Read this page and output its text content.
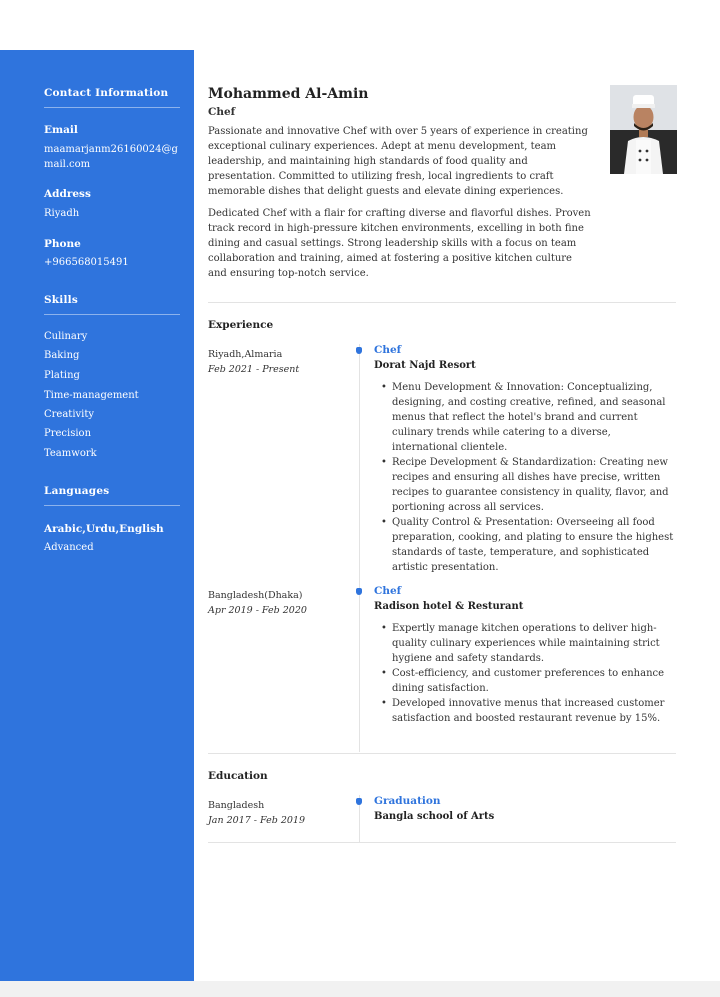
Contact Information
Email
maamarjanm26160024@gmail.com
Address
Riyadh
Phone
+966568015491
Skills
Culinary
Baking
Plating
Time-management
Creativity
Precision
Teamwork
Languages
Arabic,Urdu,English
Advanced
Mohammed Al-Amin
Chef
Passionate and innovative Chef with over 5 years of experience in creating exceptional culinary experiences. Adept at menu development, team leadership, and maintaining high standards of food quality and presentation. Committed to utilizing fresh, local ingredients to craft memorable dishes that delight guests and elevate dining experiences.
Dedicated Chef with a flair for crafting diverse and flavorful dishes. Proven track record in high-pressure kitchen environments, excelling in both fine dining and casual settings. Strong leadership skills with a focus on team collaboration and training, aimed at fostering a positive kitchen culture and ensuring top-notch service.
Experience
Riyadh,Almaria
Feb 2021 - Present
Chef
Dorat Najd Resort
• Menu Development & Innovation: Conceptualizing, designing, and costing creative, refined, and seasonal menus that reflect the hotel's brand and current culinary trends while catering to a diverse, international clientele.
• Recipe Development & Standardization: Creating new recipes and ensuring all dishes have precise, written recipes to guarantee consistency in quality, flavor, and portioning across all services.
• Quality Control & Presentation: Overseeing all food preparation, cooking, and plating to ensure the highest standards of taste, temperature, and sophisticated artistic presentation.
Bangladesh(Dhaka)
Apr 2019 - Feb 2020
Chef
Radison hotel & Resturant
• Expertly manage kitchen operations to deliver high-quality culinary experiences while maintaining strict hygiene and safety standards.
• Cost-efficiency, and customer preferences to enhance dining satisfaction.
• Developed innovative menus that increased customer satisfaction and boosted restaurant revenue by 15%.
Education
Bangladesh
Jan 2017 - Feb 2019
Graduation
Bangla school of Arts
